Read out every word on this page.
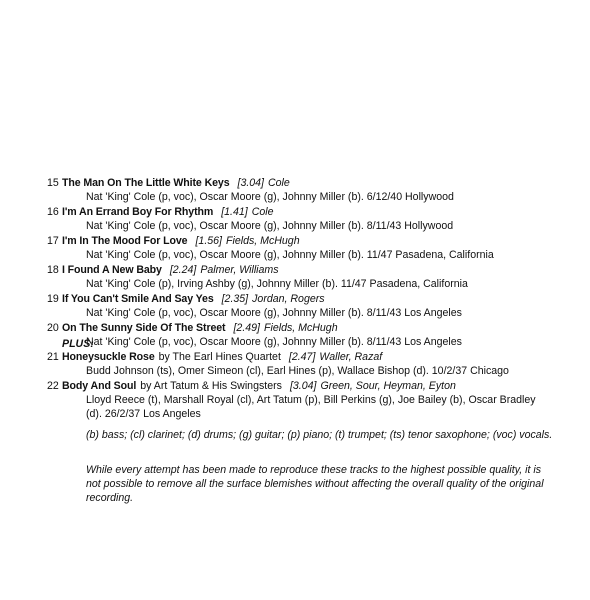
15 The Man On The Little White Keys [3.04] Cole
Nat 'King' Cole (p, voc), Oscar Moore (g), Johnny Miller (b). 6/12/40 Hollywood
16 I'm An Errand Boy For Rhythm [1.41] Cole
Nat 'King' Cole (p, voc), Oscar Moore (g), Johnny Miller (b). 8/11/43 Hollywood
17 I'm In The Mood For Love [1.56] Fields, McHugh
Nat 'King' Cole (p, voc), Oscar Moore (g), Johnny Miller (b). 11/47 Pasadena, California
18 I Found A New Baby [2.24] Palmer, Williams
Nat 'King' Cole (p), Irving Ashby (g), Johnny Miller (b). 11/47 Pasadena, California
19 If You Can't Smile And Say Yes [2.35] Jordan, Rogers
Nat 'King' Cole (p, voc), Oscar Moore (g), Johnny Miller (b). 8/11/43 Los Angeles
20 On The Sunny Side Of The Street [2.49] Fields, McHugh
Nat 'King' Cole (p, voc), Oscar Moore (g), Johnny Miller (b). 8/11/43 Los Angeles
PLUS:
21 Honeysuckle Rose by The Earl Hines Quartet [2.47] Waller, Razaf
Budd Johnson (ts), Omer Simeon (cl), Earl Hines (p), Wallace Bishop (d). 10/2/37 Chicago
22 Body And Soul by Art Tatum & His Swingsters [3.04] Green, Sour, Heyman, Eyton
Lloyd Reece (t), Marshall Royal (cl), Art Tatum (p), Bill Perkins (g), Joe Bailey (b), Oscar Bradley (d). 26/2/37 Los Angeles
(b) bass; (cl) clarinet; (d) drums; (g) guitar; (p) piano; (t) trumpet; (ts) tenor saxophone; (voc) vocals.
While every attempt has been made to reproduce these tracks to the highest possible quality, it is not possible to remove all the surface blemishes without affecting the overall quality of the original recording.
